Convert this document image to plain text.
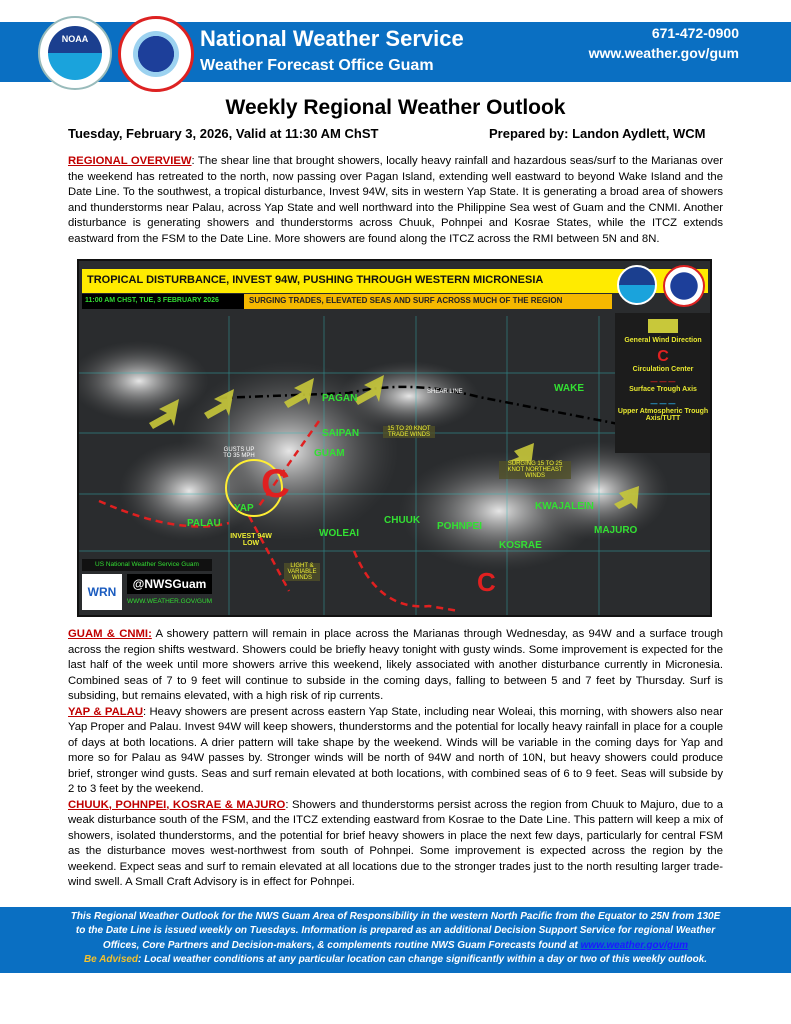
NOAA	National Weather Service
Weather Forecast Office Guam
nws.gum.operations@noaa.gov
671-472-0900
www.weather.gov/gum
Weekly Regional Weather Outlook
Tuesday, February 3, 2026, Valid at 11:30 AM ChST	Prepared by: Landon Aydlett, WCM
REGIONAL OVERVIEW: The shear line that brought showers, locally heavy rainfall and hazardous seas/surf to the Marianas over the weekend has retreated to the north, now passing over Pagan Island, extending well eastward to beyond Wake Island and the Date Line. To the southwest, a tropical disturbance, Invest 94W, sits in western Yap State. It is generating a broad area of showers and thunderstorms near Palau, across Yap State and well northward into the Philippine Sea west of Guam and the CNMI. Another disturbance is generating showers and thunderstorms across Chuuk, Pohnpei and Kosrae States, while the ITCZ extends eastward from the FSM to the Date Line. More showers are found along the ITCZ across the RMI between 5N and 8N.
PAGAN
SAIPAN
GUAM
WAKE
YAP
PALAU
WOLEAI
CHUUK
POHNPEI
KOSRAE
KWAJALEIN
MAJURO
C
C
TROPICAL DISTURBANCE, INVEST 94W, PUSHING THROUGH WESTERN MICRONESIA
11:00 AM CHST, TUE, 3 FEBRUARY 2026	SURGING TRADES, ELEVATED SEAS AND SURF ACROSS MUCH OF THE REGION
General Wind Direction
C
Circulation Center
— — —
Surface Trough Axis
— — —
Upper Atmospheric Trough Axis/TUTT
SHEAR LINE
15 TO 20 KNOT TRADE WINDS
SURGING 15 TO 25 KNOT NORTHEAST WINDS
GUSTS UP TO 35 MPH
INVEST 94W LOW
LIGHT & VARIABLE WINDS
US National Weather Service Guam
WRN
@NWSGuam
WWW.WEATHER.GOV/GUM
GUAM & CNMI: A showery pattern will remain in place across the Marianas through Wednesday, as 94W and a surface trough across the region shifts westward. Showers could be briefly heavy tonight with gusty winds. Some improvement is expected for the last half of the week until more showers arrive this weekend, likely associated with another disturbance currently in Micronesia. Combined seas of 7 to 9 feet will continue to subside in the coming days, falling to between 5 and 7 feet by Thursday. Surf is subsiding, but remains elevated, with a high risk of rip currents.
YAP & PALAU: Heavy showers are present across eastern Yap State, including near Woleai, this morning, with showers also near Yap Proper and Palau. Invest 94W will keep showers, thunderstorms and the potential for locally heavy rainfall in place for a couple of days at both locations. A drier pattern will take shape by the weekend. Winds will be variable in the coming days for Yap and more so for Palau as 94W passes by. Stronger winds will be north of 94W and north of 10N, but heavy showers could produce brief, stronger wind gusts. Seas and surf remain elevated at both locations, with combined seas of 6 to 9 feet. Seas will subside by 2 to 3 feet by the weekend.
CHUUK, POHNPEI, KOSRAE & MAJURO: Showers and thunderstorms persist across the region from Chuuk to Majuro, due to a weak disturbance south of the FSM, and the ITCZ extending eastward from Kosrae to the Date Line. This pattern will keep a mix of showers, isolated thunderstorms, and the potential for brief heavy showers in place the next few days, particularly for central FSM as the disturbance moves west-northwest from south of Pohnpei. Some improvement is expected across the region by the weekend. Expect seas and surf to remain elevated at all locations due to the stronger trades just to the north resulting larger trade-wind swell. A Small Craft Advisory is in effect for Pohnpei.
This Regional Weather Outlook for the NWS Guam Area of Responsibility in the western North Pacific from the Equator to 25N from 130E to the Date Line is issued weekly on Tuesdays. Information is prepared as an additional Decision Support Service for regional Weather Offices, Core Partners and Decision-makers, & complements routine NWS Guam Forecasts found at www.weather.gov/gum
Be Advised: Local weather conditions at any particular location can change significantly within a day or two of this weekly outlook.
